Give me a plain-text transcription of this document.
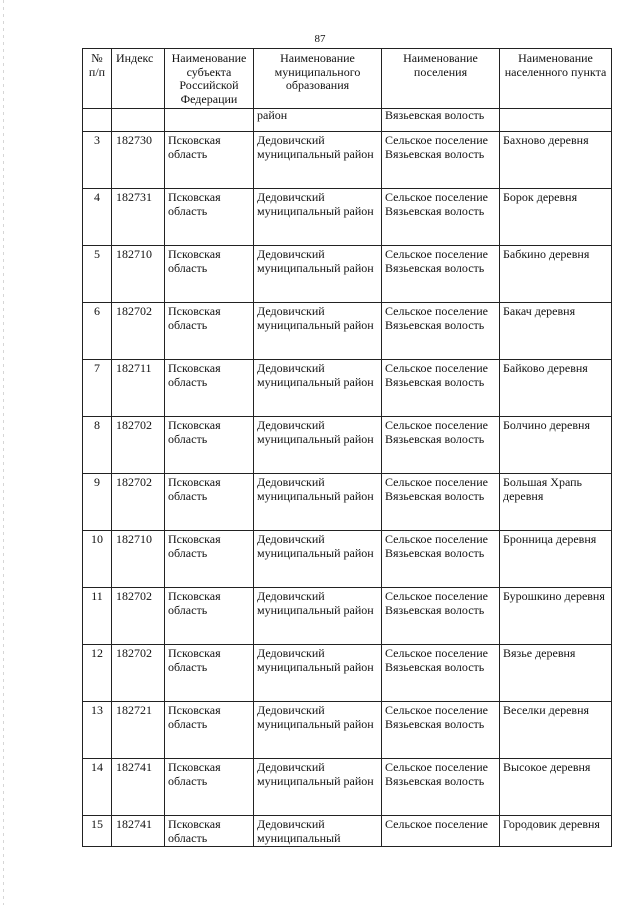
87
№ п/п	Индекс	Наименование субъекта Российской Федерации	Наименование муниципального образования	Наименование поселения	Наименование населенного пункта
			район	Вязьевская волость	
3	182730	Псковская область	Дедовичский муниципальный район	Сельское поселение Вязьевская волость	Бахново деревня
4	182731	Псковская область	Дедовичский муниципальный район	Сельское поселение Вязьевская волость	Борок деревня
5	182710	Псковская область	Дедовичский муниципальный район	Сельское поселение Вязьевская волость	Бабкино деревня
6	182702	Псковская область	Дедовичский муниципальный район	Сельское поселение Вязьевская волость	Бакач деревня
7	182711	Псковская область	Дедовичский муниципальный район	Сельское поселение Вязьевская волость	Байково деревня
8	182702	Псковская область	Дедовичский муниципальный район	Сельское поселение Вязьевская волость	Болчино деревня
9	182702	Псковская область	Дедовичский муниципальный район	Сельское поселение Вязьевская волость	Большая Храпь деревня
10	182710	Псковская область	Дедовичский муниципальный район	Сельское поселение Вязьевская волость	Бронница деревня
11	182702	Псковская область	Дедовичский муниципальный район	Сельское поселение Вязьевская волость	Бурошкино деревня
12	182702	Псковская область	Дедовичский муниципальный район	Сельское поселение Вязьевская волость	Вязье деревня
13	182721	Псковская область	Дедовичский муниципальный район	Сельское поселение Вязьевская волость	Веселки деревня
14	182741	Псковская область	Дедовичский муниципальный район	Сельское поселение Вязьевская волость	Высокое деревня
15	182741	Псковская область	Дедовичский муниципальный	Сельское поселение	Городовик деревня
